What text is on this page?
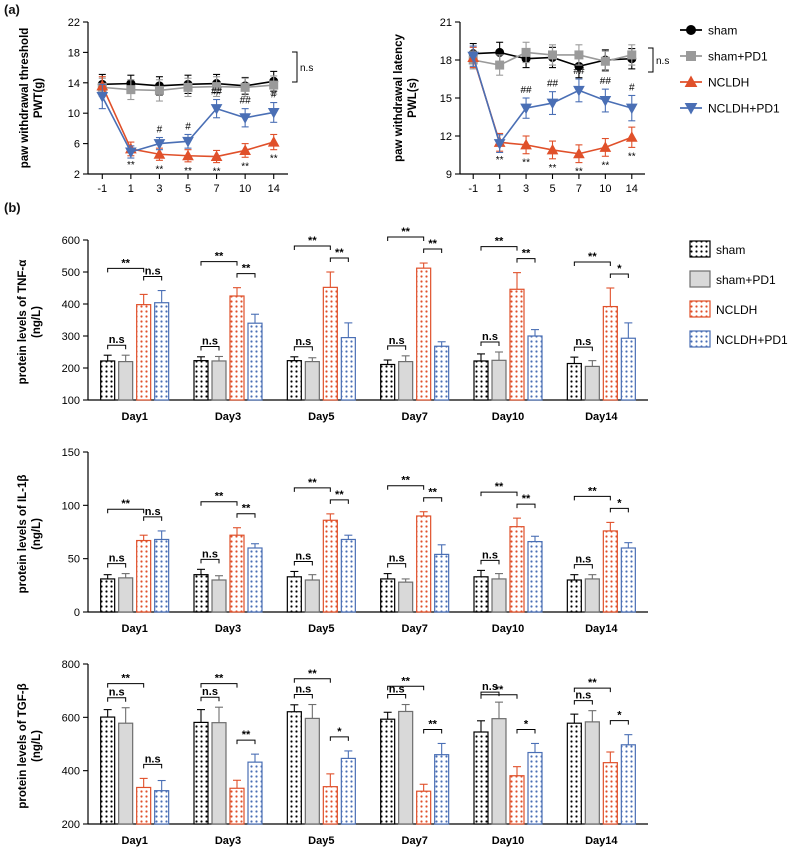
(a)
(b)
2
6
10
14
18
22
-1 1 3 5 7 10 14
paw withdrawal threshold PWT(g)
n.s
# #
##
##
#
** ** ** ** **
**
9
12
15
18
21
-1 1 3 5 7 10 14
paw withdrawal latency PWL(s)
n.s
##
##
##
##
#
** ** ** **
**
**
sham
sham+PD1
NCLDH
NCLDH+PD1
100
200
300
400
500
600
n.s
**
n.s
Day1
n.s
**
**
Day3
n.s
**
**
Day5
n.s
**
**
Day7
n.s
**
**
Day10
n.s
**
*
Day14
protein levels of TNF-α (ng/L)
0
50
100
150
n.s
**
n.s
Day1
n.s
**
**
Day3
n.s
**
**
Day5
n.s
**
**
Day7
n.s
**
**
Day10
n.s
**
*
Day14
protein levels of IL-1β (ng/L)
200
400
600
800
n.s
**
n.s
Day1
n.s
**
**
Day3
n.s
**
*
Day5
n.s
**
**
Day7
n.s
**
*
Day10
n.s
**
*
Day14
protein levels of TGF-β (ng/L)
sham
sham+PD1
NCLDH
NCLDH+PD1
